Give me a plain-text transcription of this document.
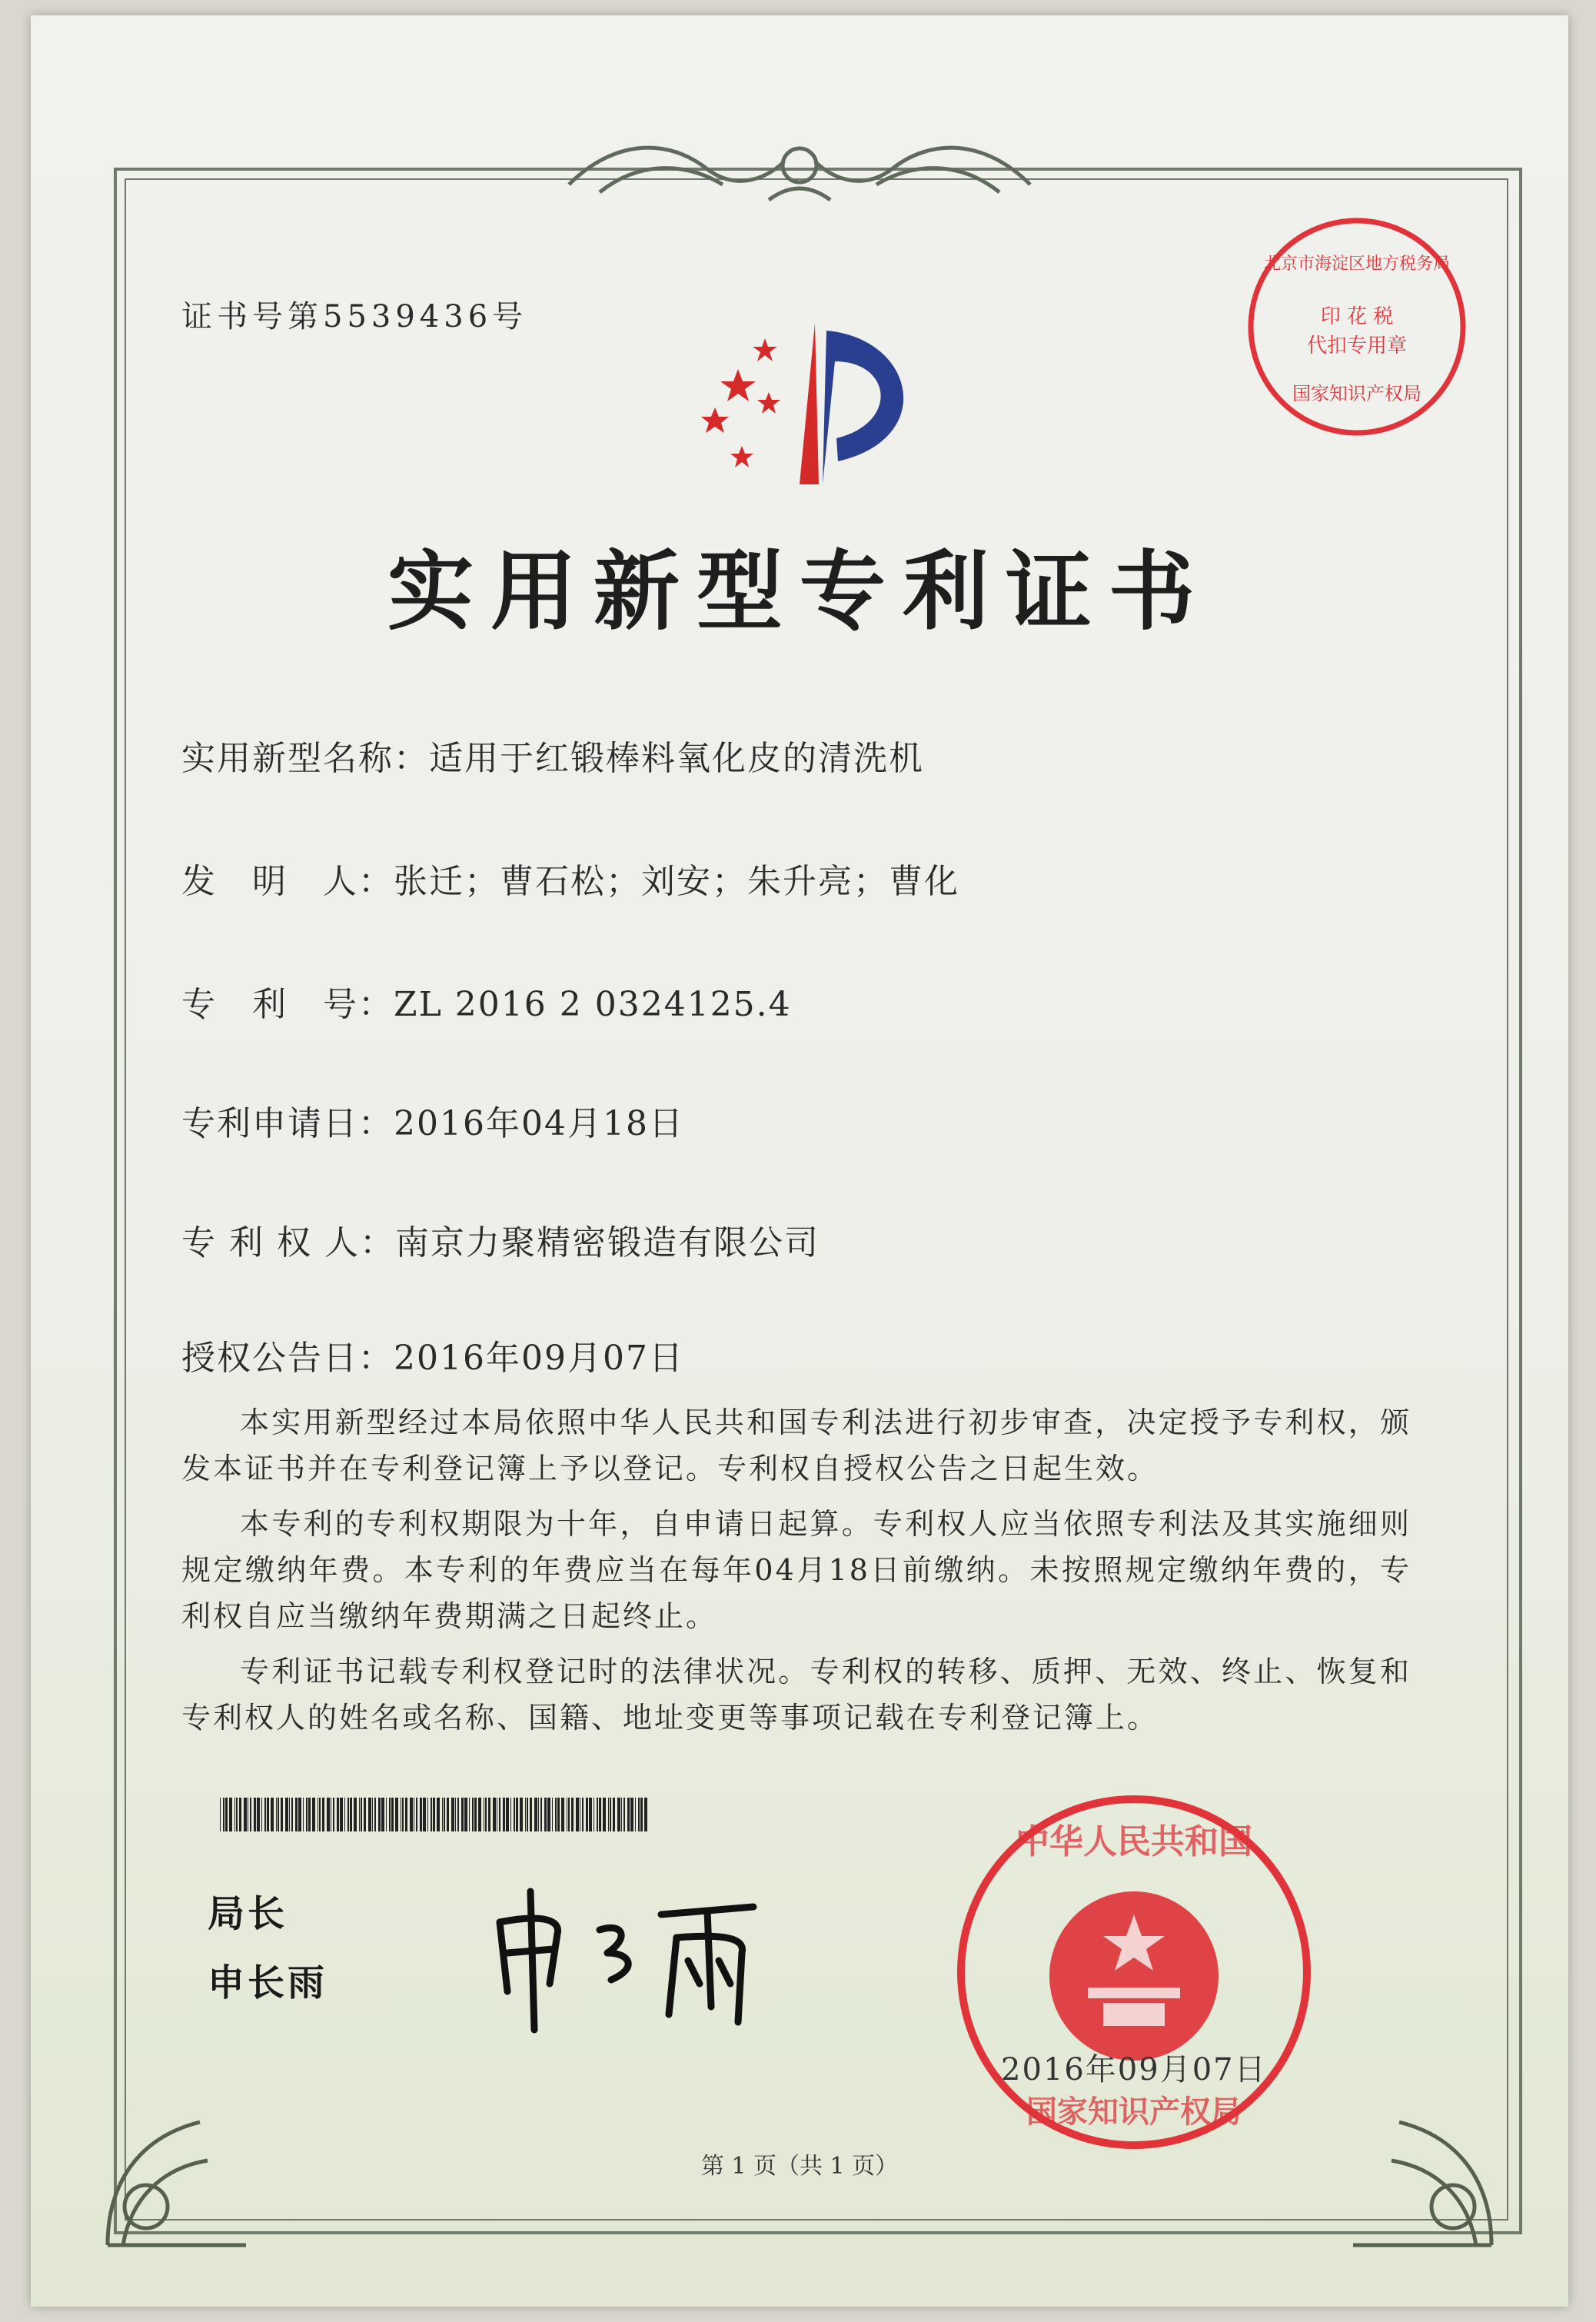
证书号第5539436号
实用新型专利证书
实用新型名称：适用于红锻棒料氧化皮的清洗机
发　明　人：张迁；曹石松；刘安；朱升亮；曹化
专　利　号：ZL 2016 2 0324125.4
专利申请日：2016年04月18日
专 利 权 人：南京力聚精密锻造有限公司
授权公告日：2016年09月07日

本实用新型经过本局依照中华人民共和国专利法进行初步审查，决定授予专利权，颁发本证书并在专利登记簿上予以登记。专利权自授权公告之日起生效。

本专利的专利权期限为十年，自申请日起算。专利权人应当依照专利法及其实施细则规定缴纳年费。本专利的年费应当在每年04月18日前缴纳。未按照规定缴纳年费的，专利权自应当缴纳年费期满之日起终止。

专利证书记载专利权登记时的法律状况。专利权的转移、质押、无效、终止、恢复和专利权人的姓名或名称、国籍、地址变更等事项记载在专利登记簿上。

局长
申长雨
中华人民共和国
国家知识产权局
2016年09月07日
北京市海淀区地方税务局
印 花 税
代扣专用章
国家知识产权局
第 1 页（共 1 页）
